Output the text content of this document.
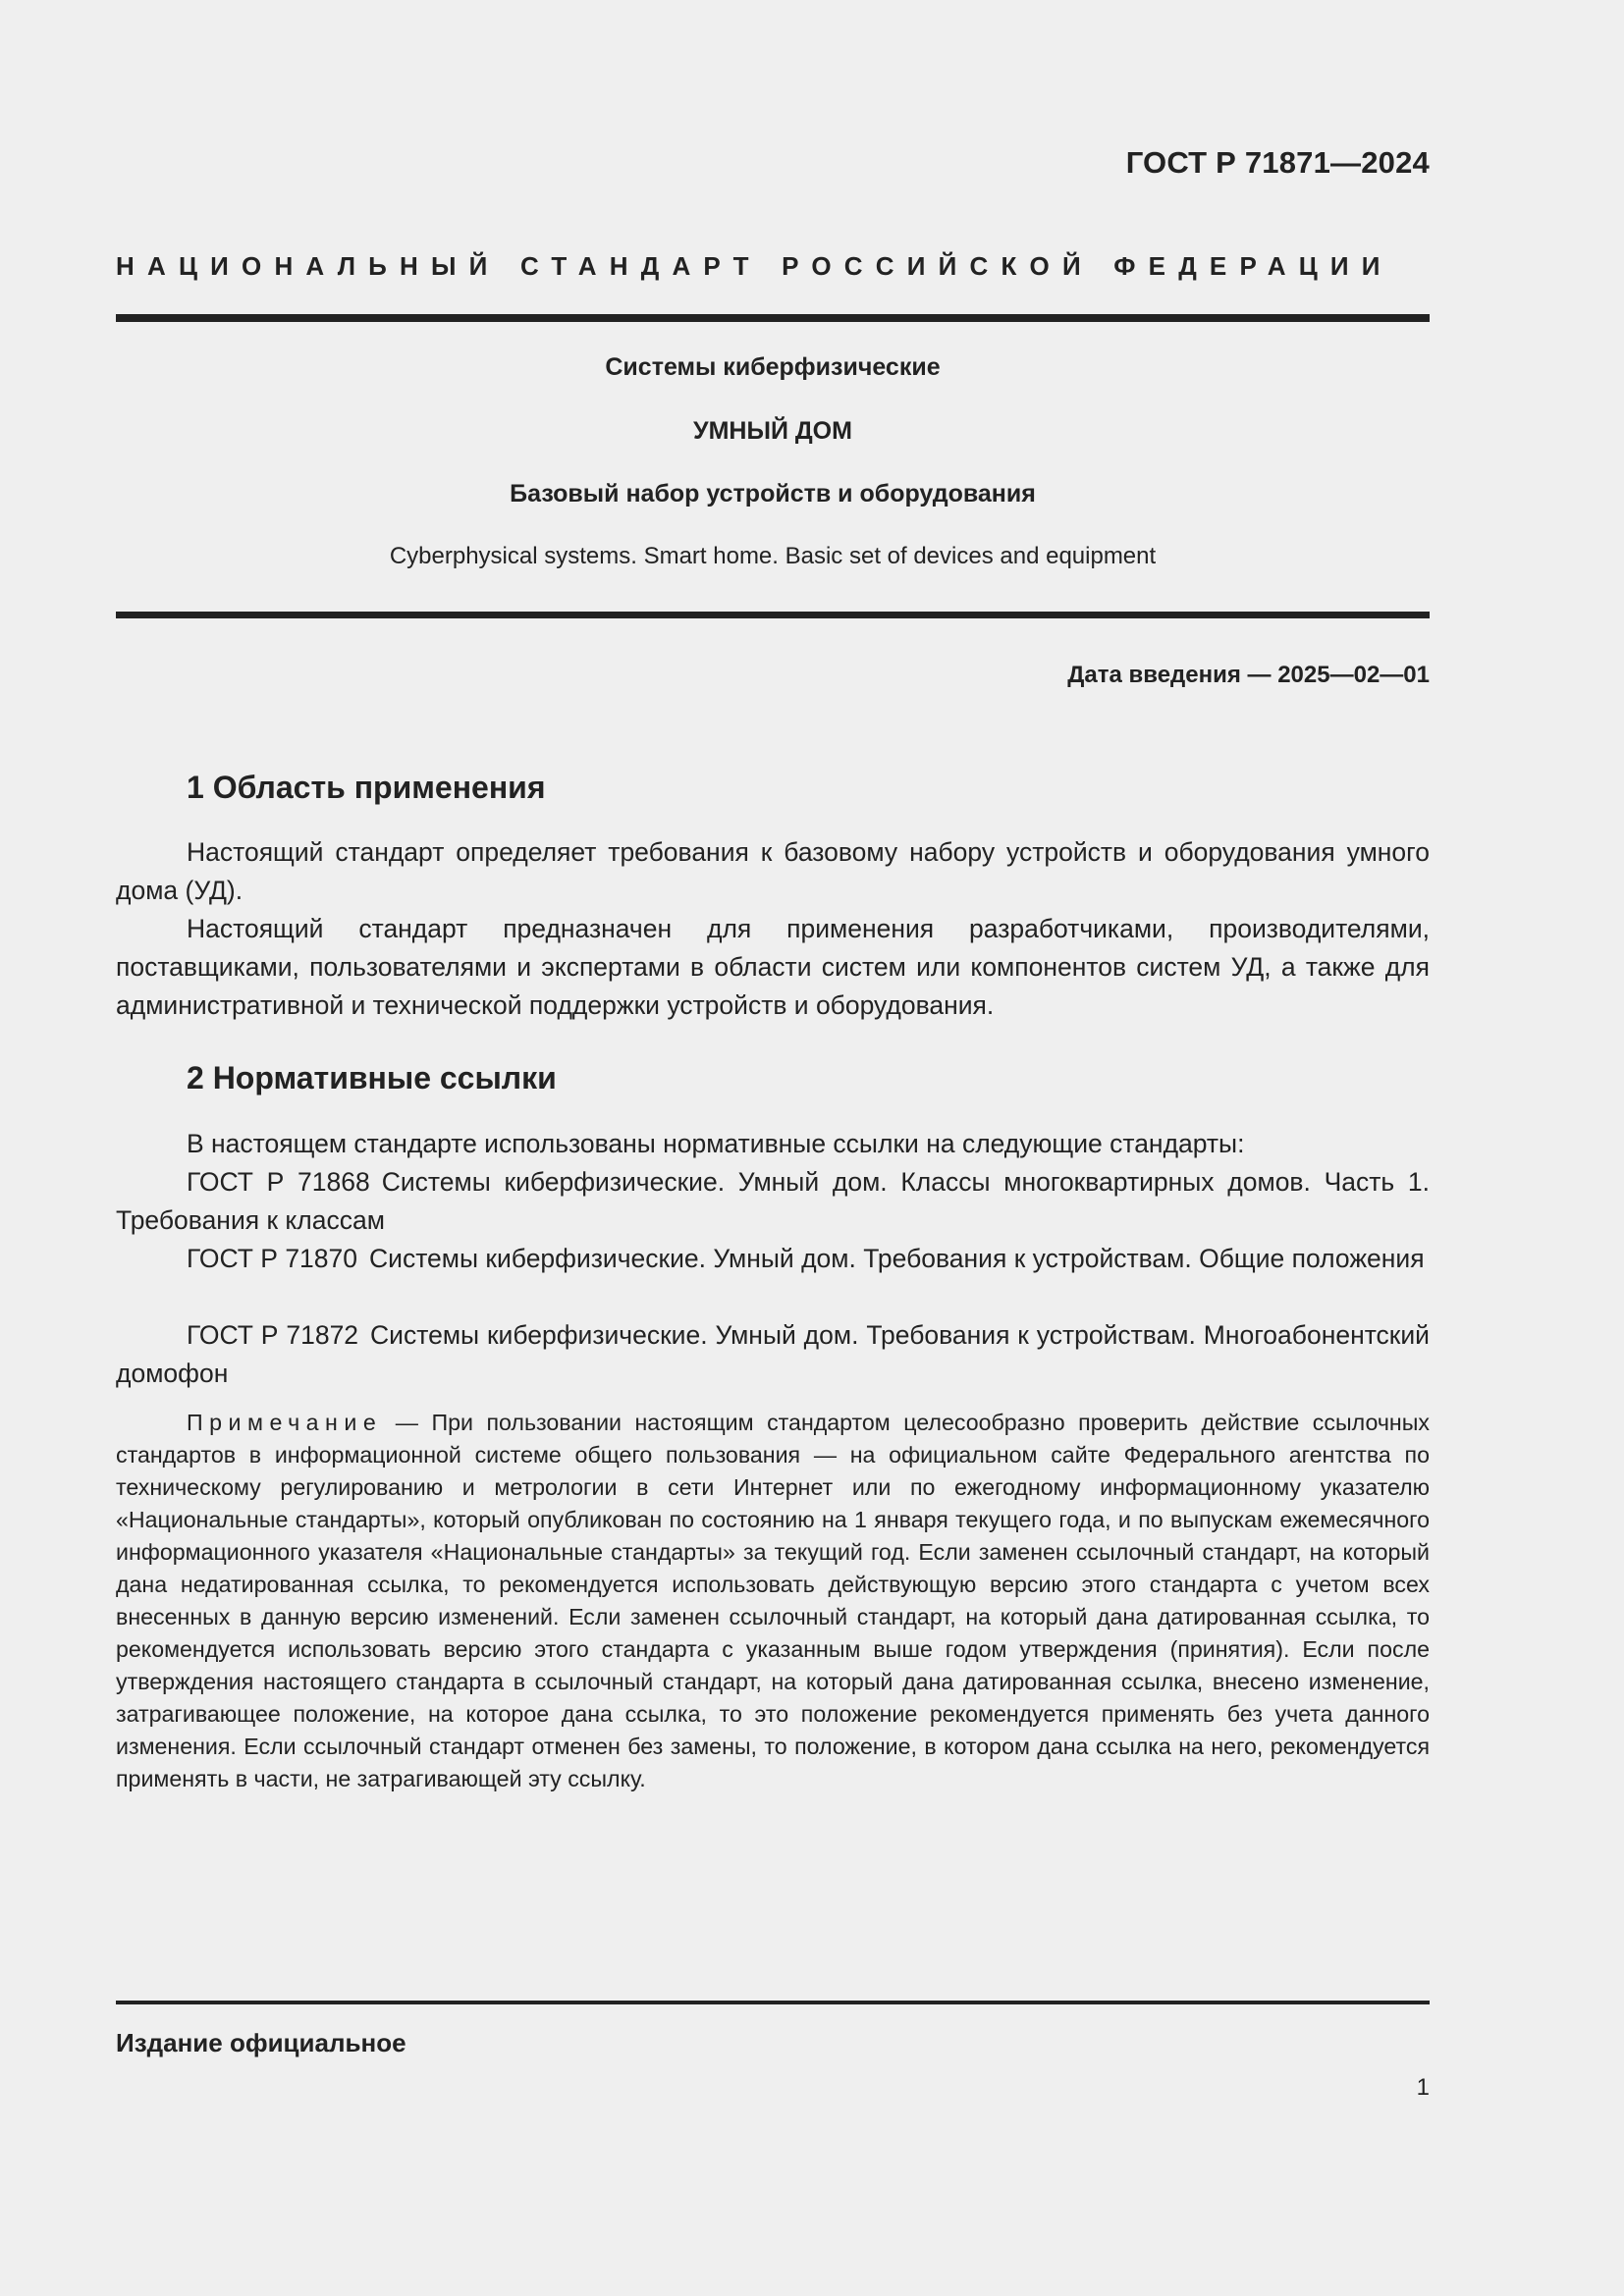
ГОСТ Р 71871—2024
НАЦИОНАЛЬНЫЙ СТАНДАРТ РОССИЙСКОЙ ФЕДЕРАЦИИ
Системы киберфизические
УМНЫЙ ДОМ
Базовый набор устройств и оборудования
Cyberphysical systems. Smart home. Basic set of devices and equipment
Дата введения — 2025—02—01
1 Область применения
Настоящий стандарт определяет требования к базовому набору устройств и оборудования умного дома (УД).
Настоящий стандарт предназначен для применения разработчиками, производителями, поставщиками, пользователями и экспертами в области систем или компонентов систем УД, а также для административной и технической поддержки устройств и оборудования.
2 Нормативные ссылки
В настоящем стандарте использованы нормативные ссылки на следующие стандарты:
ГОСТ Р 71868 Системы киберфизические. Умный дом. Классы многоквартирных домов. Часть 1. Требования к классам
ГОСТ Р 71870 Системы киберфизические. Умный дом. Требования к устройствам. Общие положения
ГОСТ Р 71872 Системы киберфизические. Умный дом. Требования к устройствам. Многоабонентский домофон
Примечание — При пользовании настоящим стандартом целесообразно проверить действие ссылочных стандартов в информационной системе общего пользования — на официальном сайте Федерального агентства по техническому регулированию и метрологии в сети Интернет или по ежегодному информационному указателю «Национальные стандарты», который опубликован по состоянию на 1 января текущего года, и по выпускам ежемесячного информационного указателя «Национальные стандарты» за текущий год. Если заменен ссылочный стандарт, на который дана недатированная ссылка, то рекомендуется использовать действующую версию этого стандарта с учетом всех внесенных в данную версию изменений. Если заменен ссылочный стандарт, на который дана датированная ссылка, то рекомендуется использовать версию этого стандарта с указанным выше годом утверждения (принятия). Если после утверждения настоящего стандарта в ссылочный стандарт, на который дана датированная ссылка, внесено изменение, затрагивающее положение, на которое дана ссылка, то это положение рекомендуется применять без учета данного изменения. Если ссылочный стандарт отменен без замены, то положение, в котором дана ссылка на него, рекомендуется применять в части, не затрагивающей эту ссылку.
Издание официальное
1
